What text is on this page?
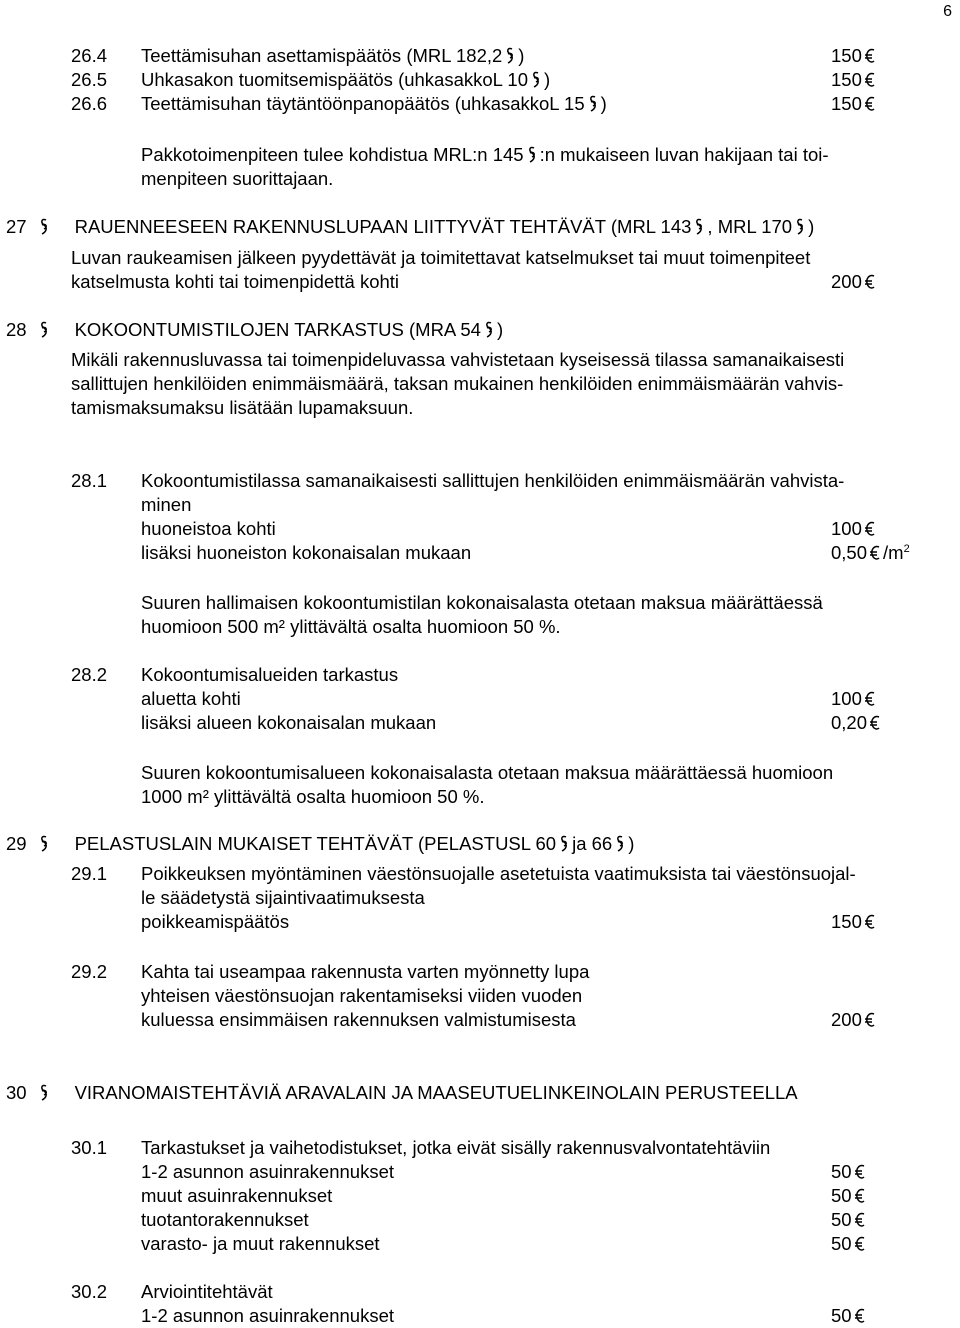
6
26.4 Teettämisuhan asettamispäätös (MRL 182,2 )	150
26.5 Uhkasakon tuomitsemispäätös (uhkasakkoL 10 )	150
26.6 Teettämisuhan täytäntöönpanopäätös (uhkasakkoL 15 )	150
Pakkotoimenpiteen tulee kohdistua MRL:n 145 :n mukaiseen luvan hakijaan tai toi-
menpiteen suorittajaan.
27	RAUENNEESEEN RAKENNUSLUPAAN LIITTYVÄT TEHTÄVÄT (MRL 143 , MRL 170 )
Luvan raukeamisen jälkeen pyydettävät ja toimitettavat katselmukset tai muut toimenpiteet
katselmusta kohti tai toimenpidettä kohti	200
28	KOKOONTUMISTILOJEN TARKASTUS (MRA 54 )
Mikäli rakennusluvassa tai toimenpideluvassa vahvistetaan kyseisessä tilassa samanaikaisesti
sallittujen henkilöiden enimmäismäärä, taksan mukainen henkilöiden enimmäismäärän vahvis-
tamismaksumaksu lisätään lupamaksuun.
28.1 Kokoontumistilassa samanaikaisesti sallittujen henkilöiden enimmäismäärän vahvista-
minen
huoneistoa kohti	100
lisäksi huoneiston kokonaisalan mukaan	0,50 $/m^2$
Suuren hallimaisen kokoontumistilan kokonaisalasta otetaan maksua määrättäessä
huomioon 500 m² ylittävältä osalta huomioon 50 %.
28.2 Kokoontumisalueiden tarkastus
aluetta kohti	100
lisäksi alueen kokonaisalan mukaan	0,20
Suuren kokoontumisalueen kokonaisalasta otetaan maksua määrättäessä huomioon
1000 m² ylittävältä osalta huomioon 50 %.
29	PELASTUSLAIN MUKAISET TEHTÄVÄT (PELASTUSL 60 ja 66 )
29.1 Poikkeuksen myöntäminen väestönsuojalle asetetuista vaatimuksista tai väestönsuojal-
le säädetystä sijaintivaatimuksesta
poikkeamispäätös	150
29.2 Kahta tai useampaa rakennusta varten myönnetty lupa
yhteisen väestönsuojan rakentamiseksi viiden vuoden
kuluessa ensimmäisen rakennuksen valmistumisesta	200
30	VIRANOMAISTEHTÄVIÄ ARAVALAIN JA MAASEUTUELINKEINOLAIN PERUSTEELLA
30.1 Tarkastukset ja vaihetodistukset, jotka eivät sisälly rakennusvalvontatehtäviin
1-2 asunnon asuinrakennukset	50
muut asuinrakennukset	50
tuotantorakennukset	50
varasto- ja muut rakennukset	50
30.2 Arviointitehtävät
1-2 asunnon asuinrakennukset	50
